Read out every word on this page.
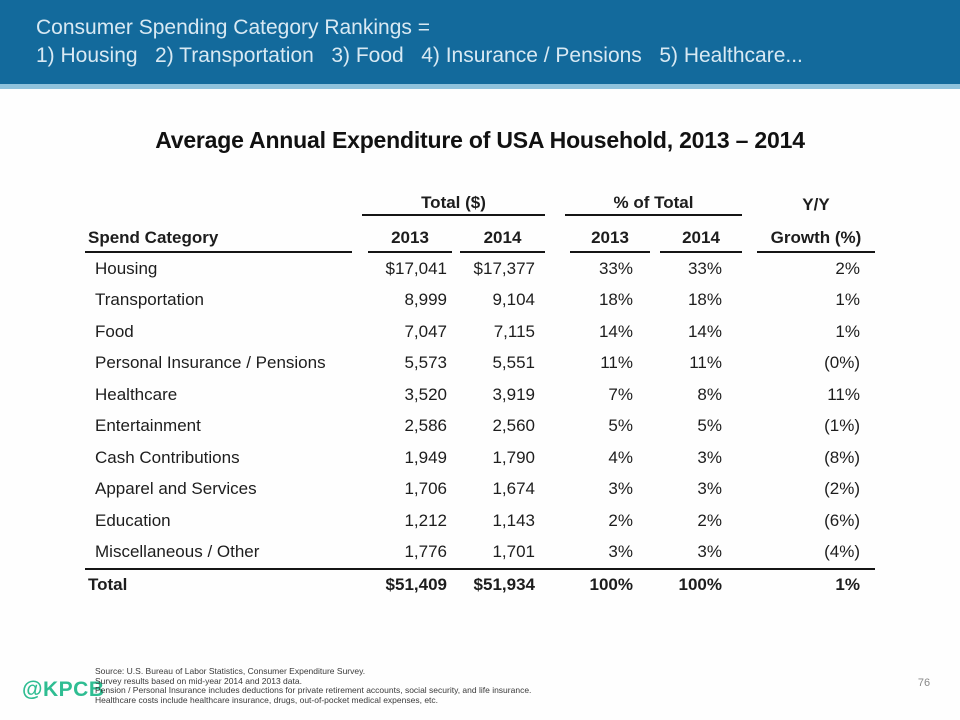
Consumer Spending Category Rankings =
1) Housing   2) Transportation   3) Food   4) Insurance / Pensions   5) Healthcare...
Average Annual Expenditure of USA Household, 2013 – 2014
Total ($)	% of Total	Y/Y
Spend Category	2013	2014	2013	2014	Growth (%)
Housing	$17,041	$17,377	33%	33%	2%
Transportation	8,999	9,104	18%	18%	1%
Food	7,047	7,115	14%	14%	1%
Personal Insurance / Pensions	5,573	5,551	11%	11%	(0%)
Healthcare	3,520	3,919	7%	8%	11%
Entertainment	2,586	2,560	5%	5%	(1%)
Cash Contributions	1,949	1,790	4%	3%	(8%)
Apparel and Services	1,706	1,674	3%	3%	(2%)
Education	1,212	1,143	2%	2%	(6%)
Miscellaneous / Other	1,776	1,701	3%	3%	(4%)
Total	$51,409	$51,934	100%	100%	1%
@KPCB
Source: U.S. Bureau of Labor Statistics, Consumer Expenditure Survey.
Survey results based on mid-year 2014 and 2013 data.
Pension / Personal Insurance includes deductions for private retirement accounts, social security, and life insurance.
Healthcare costs include healthcare insurance, drugs, out-of-pocket medical expenses, etc.
76
